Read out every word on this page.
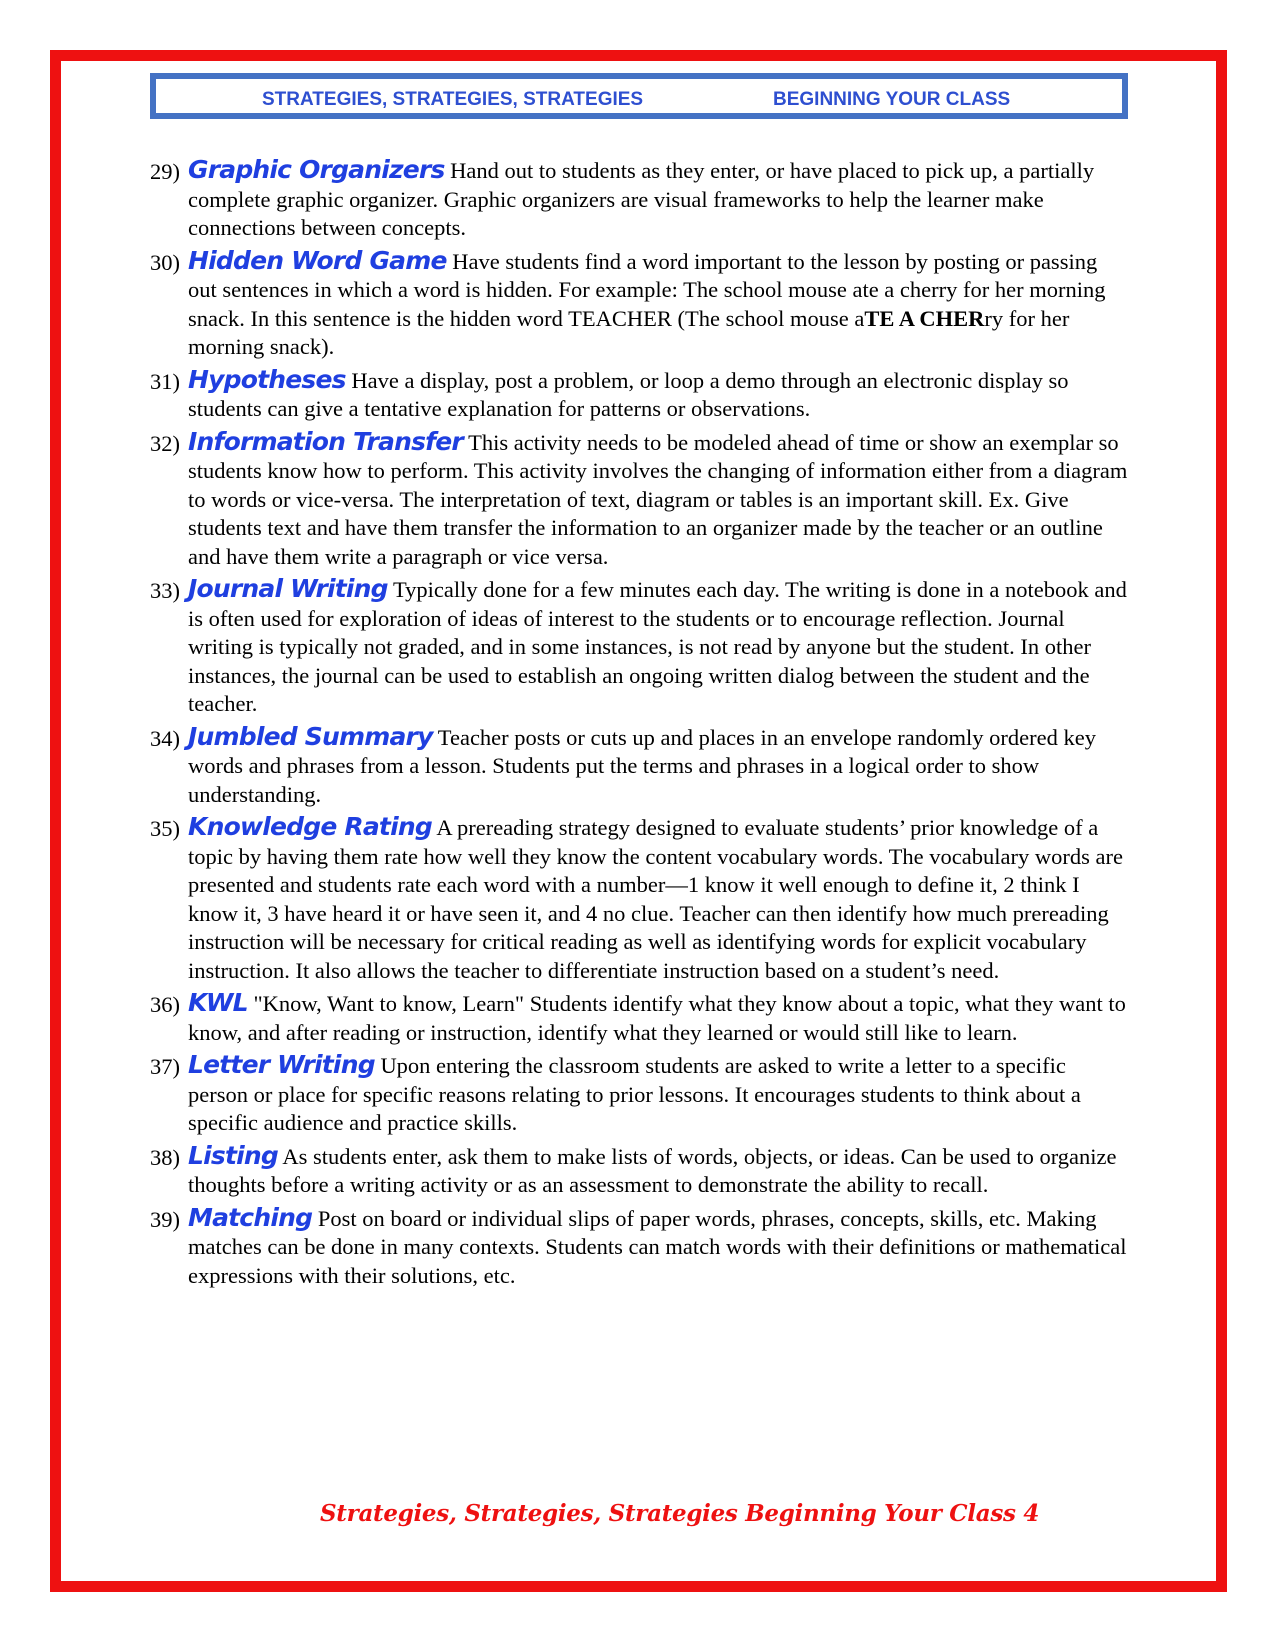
STRATEGIES, STRATEGIES, STRATEGIES	BEGINNING YOUR CLASS
29) Graphic Organizers Hand out to students as they enter, or have placed to pick up, a partially complete graphic organizer. Graphic organizers are visual frameworks to help the learner make connections between concepts.
30) Hidden Word Game Have students find a word important to the lesson by posting or passing out sentences in which a word is hidden. For example: The school mouse ate a cherry for her morning snack. In this sentence is the hidden word TEACHER (The school mouse aTE A CHERry for her morning snack).
31) Hypotheses Have a display, post a problem, or loop a demo through an electronic display so students can give a tentative explanation for patterns or observations.
32) Information Transfer This activity needs to be modeled ahead of time or show an exemplar so students know how to perform. This activity involves the changing of information either from a diagram to words or vice-versa. The interpretation of text, diagram or tables is an important skill. Ex. Give students text and have them transfer the information to an organizer made by the teacher or an outline and have them write a paragraph or vice versa.
33) Journal Writing Typically done for a few minutes each day. The writing is done in a notebook and is often used for exploration of ideas of interest to the students or to encourage reflection. Journal writing is typically not graded, and in some instances, is not read by anyone but the student. In other instances, the journal can be used to establish an ongoing written dialog between the student and the teacher.
34) Jumbled Summary Teacher posts or cuts up and places in an envelope randomly ordered key words and phrases from a lesson. Students put the terms and phrases in a logical order to show understanding.
35) Knowledge Rating A prereading strategy designed to evaluate students’ prior knowledge of a topic by having them rate how well they know the content vocabulary words. The vocabulary words are presented and students rate each word with a number—1 know it well enough to define it, 2 think I know it, 3 have heard it or have seen it, and 4 no clue. Teacher can then identify how much prereading instruction will be necessary for critical reading as well as identifying words for explicit vocabulary instruction. It also allows the teacher to differentiate instruction based on a student’s need.
36) KWL "Know, Want to know, Learn" Students identify what they know about a topic, what they want to know, and after reading or instruction, identify what they learned or would still like to learn.
37) Letter Writing Upon entering the classroom students are asked to write a letter to a specific person or place for specific reasons relating to prior lessons. It encourages students to think about a specific audience and practice skills.
38) Listing As students enter, ask them to make lists of words, objects, or ideas. Can be used to organize thoughts before a writing activity or as an assessment to demonstrate the ability to recall.
39) Matching Post on board or individual slips of paper words, phrases, concepts, skills, etc. Making matches can be done in many contexts. Students can match words with their definitions or mathematical expressions with their solutions, etc.
Strategies, Strategies, Strategies Beginning Your Class 4
